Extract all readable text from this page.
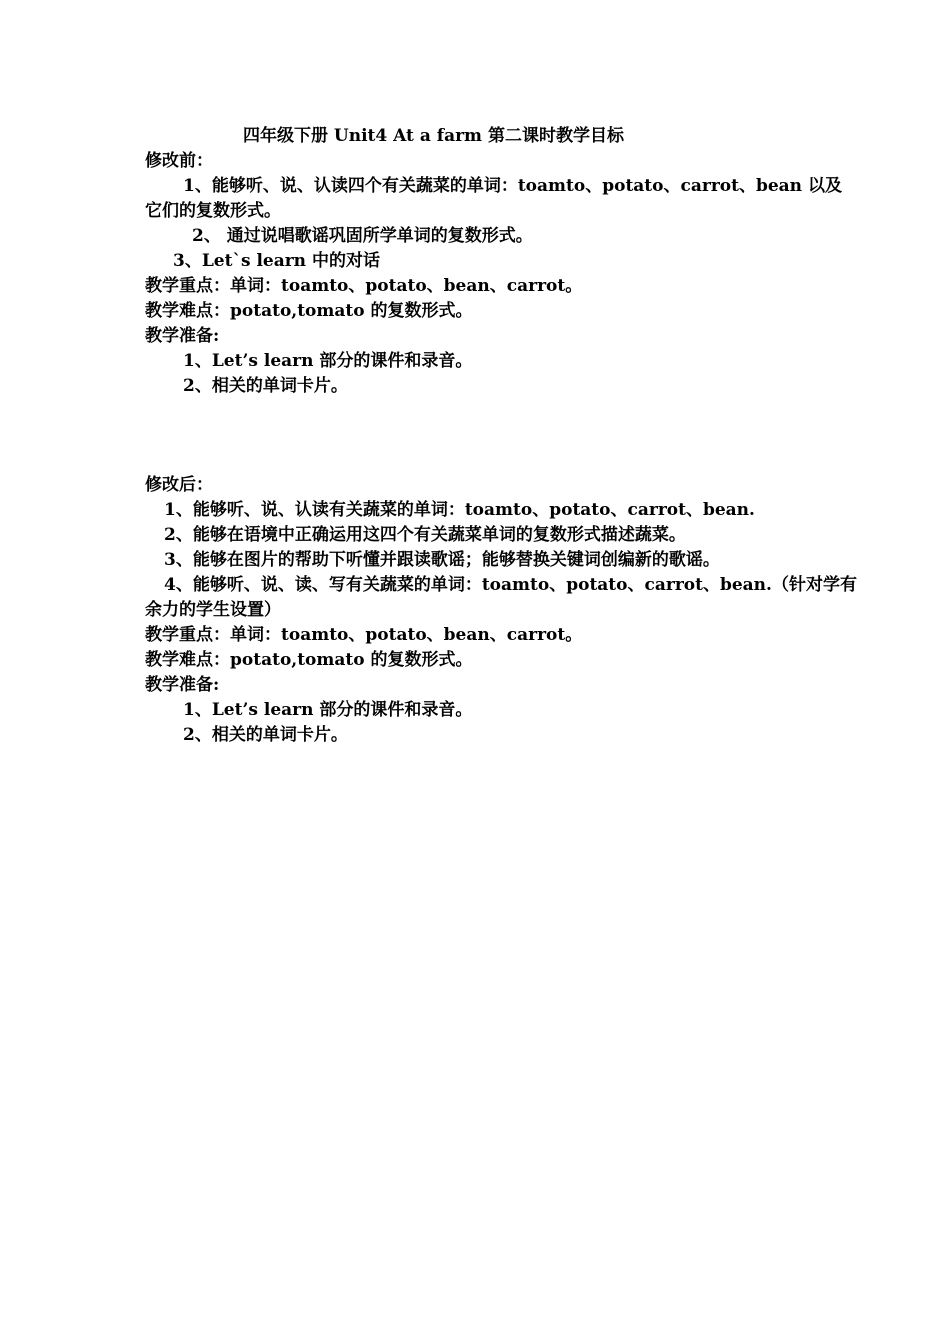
四年级下册 Unit4 At a farm 第二课时教学目标
修改前：
1、能够听、说、认读四个有关蔬菜的单词：toamto、potato、carrot、bean 以及
它们的复数形式。
2、 通过说唱歌谣巩固所学单词的复数形式。
3、Let`s learn 中的对话
教学重点：单词：toamto、potato、bean、carrot。
教学难点：potato,tomato 的复数形式。
教学准备:
1、Let’s learn 部分的课件和录音。
2、相关的单词卡片。
修改后：
1、能够听、说、认读有关蔬菜的单词：toamto、potato、carrot、bean.
2、能够在语境中正确运用这四个有关蔬菜单词的复数形式描述蔬菜。
3、能够在图片的帮助下听懂并跟读歌谣；能够替换关键词创编新的歌谣。
4、能够听、说、读、写有关蔬菜的单词：toamto、potato、carrot、bean.（针对学有
余力的学生设置）
教学重点：单词：toamto、potato、bean、carrot。
教学难点：potato,tomato 的复数形式。
教学准备:
1、Let’s learn 部分的课件和录音。
2、相关的单词卡片。
